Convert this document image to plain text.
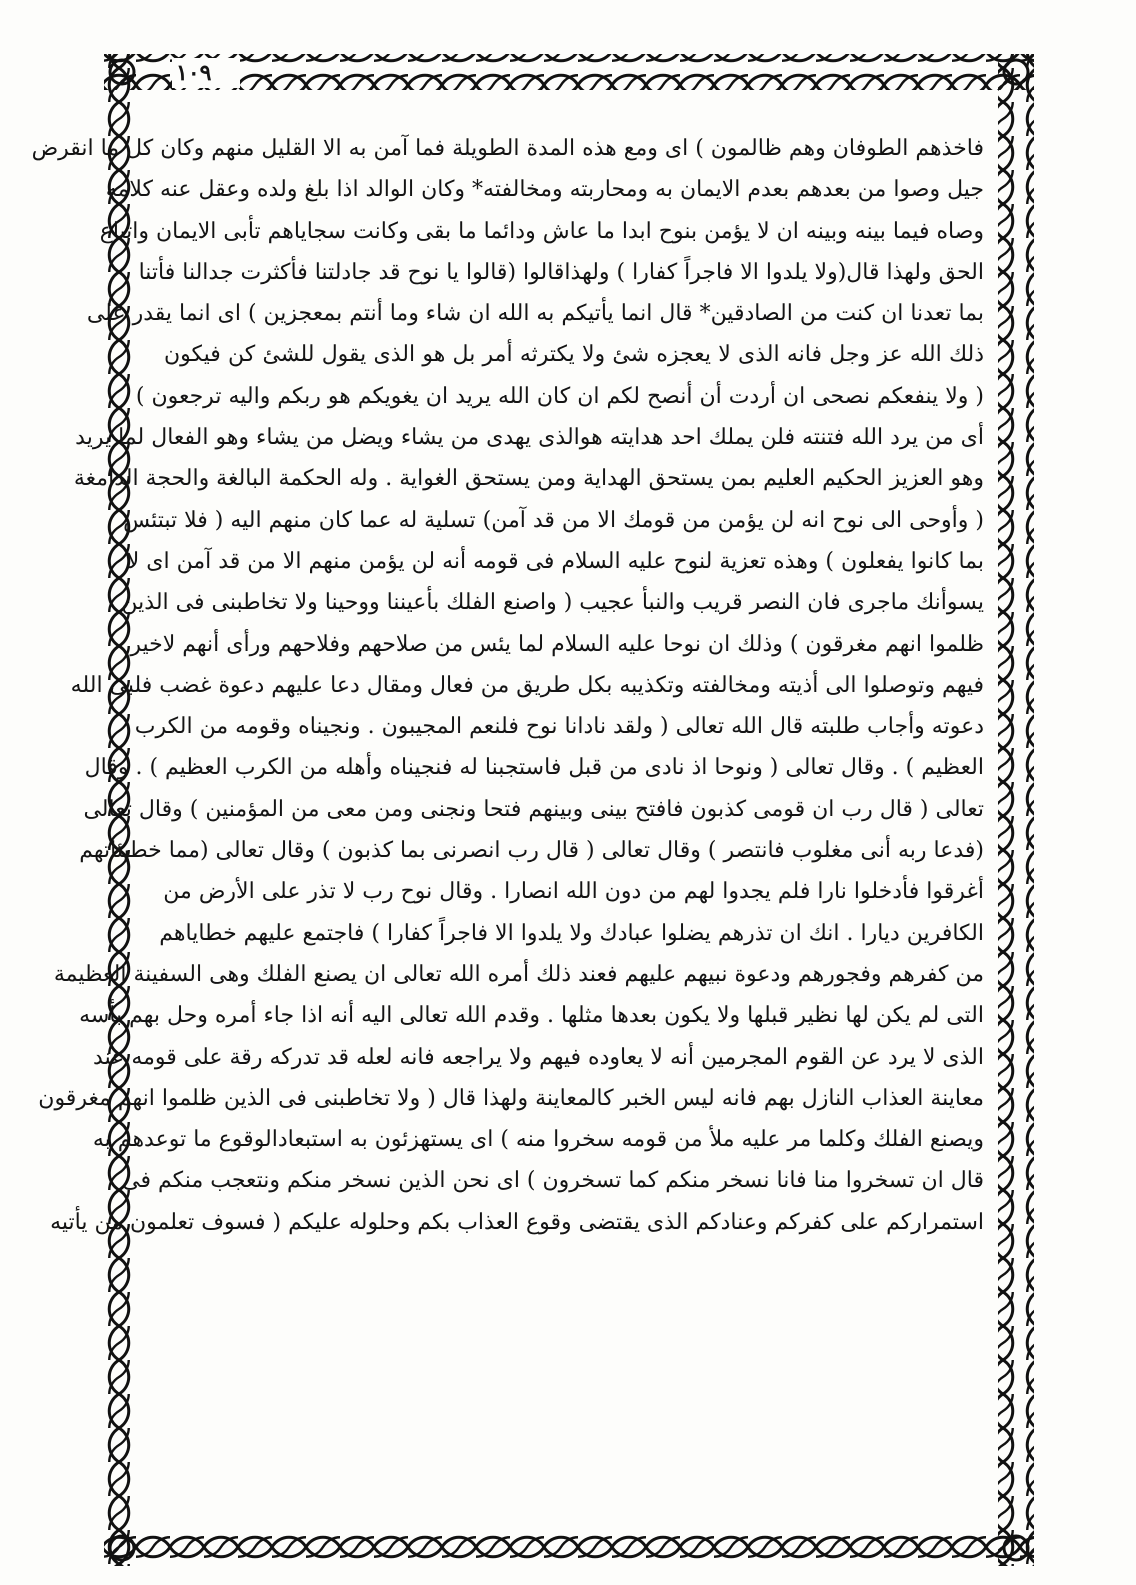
١٠٩
فاخذهم الطوفان وهم ظالمون ) اى ومع هذه المدة الطويلة فما آمن به الا القليل منهم وكان كل ما انقرض
جيل وصوا من بعدهم بعدم الايمان به ومحاربته ومخالفته* وكان الوالد اذا بلغ ولده وعقل عنه كلامه
وصاه فيما بينه وبينه ان لا يؤمن بنوح ابدا ما عاش ودائما ما بقى وكانت سجاياهم تأبى الايمان واتباع
الحق ولهذا قال(ولا يلدوا الا فاجراً كفارا ) ولهذاقالوا (قالوا يا نوح قد جادلتنا فأكثرت جدالنا فأتنا
بما تعدنا ان كنت من الصادقين* قال انما يأتيكم به الله ان شاء وما أنتم بمعجزين ) اى انما يقدر على
ذلك الله عز وجل فانه الذى لا يعجزه شئ ولا يكترثه أمر بل هو الذى يقول للشئ كن فيكون
( ولا ينفعكم نصحى ان أردت أن أنصح لكم ان كان الله يريد ان يغويكم هو ربكم واليه ترجعون )
أى من يرد الله فتنته فلن يملك احد هدايته هوالذى يهدى من يشاء ويضل من يشاء وهو الفعال لما يريد
وهو العزيز الحكيم العليم بمن يستحق الهداية ومن يستحق الغواية . وله الحكمة البالغة والحجة الدامغة
( وأوحى الى نوح انه لن يؤمن من قومك الا من قد آمن) تسلية له عما كان منهم اليه ( فلا تبتئس
بما كانوا يفعلون ) وهذه تعزية لنوح عليه السلام فى قومه أنه لن يؤمن منهم الا من قد آمن اى لا
يسوأنك ماجرى فان النصر قريب والنبأ عجيب ( واصنع الفلك بأعيننا ووحينا ولا تخاطبنى فى الذين
ظلموا انهم مغرقون ) وذلك ان نوحا عليه السلام لما يئس من صلاحهم وفلاحهم ورأى أنهم لاخير
فيهم وتوصلوا الى أذيته ومخالفته وتكذيبه بكل طريق من فعال ومقال دعا عليهم دعوة غضب فلبى الله
دعوته وأجاب طلبته قال الله تعالى ( ولقد نادانا نوح فلنعم المجيبون . ونجيناه وقومه من الكرب
العظيم ) . وقال تعالى ( ونوحا اذ نادى من قبل فاستجبنا له فنجيناه وأهله من الكرب العظيم ) . وقال
تعالى ( قال رب ان قومى كذبون فافتح بينى وبينهم فتحا ونجنى ومن معى من المؤمنين ) وقال تعالى
(فدعا ربه أنى مغلوب فانتصر ) وقال تعالى ( قال رب انصرنى بما كذبون ) وقال تعالى (مما خطيئاتهم
أغرقوا فأدخلوا نارا فلم يجدوا لهم من دون الله انصارا . وقال نوح رب لا تذر على الأرض من
الكافرين ديارا . انك ان تذرهم يضلوا عبادك ولا يلدوا الا فاجراً كفارا ) فاجتمع عليهم خطاياهم
من كفرهم وفجورهم ودعوة نبيهم عليهم فعند ذلك أمره الله تعالى ان يصنع الفلك وهى السفينة العظيمة
التى لم يكن لها نظير قبلها ولا يكون بعدها مثلها . وقدم الله تعالى اليه أنه اذا جاء أمره وحل بهم بأسه
الذى لا يرد عن القوم المجرمين أنه لا يعاوده فيهم ولا يراجعه فانه لعله قد تدركه رقة على قومه عند
معاينة العذاب النازل بهم فانه ليس الخبر كالمعاينة ولهذا قال ( ولا تخاطبنى فى الذين ظلموا انهم مغرقون
ويصنع الفلك وكلما مر عليه ملأ من قومه سخروا منه ) اى يستهزئون به استبعادالوقوع ما توعدهم به
قال ان تسخروا منا فانا نسخر منكم كما تسخرون ) اى نحن الذين نسخر منكم ونتعجب منكم فى
استمراركم على كفركم وعنادكم الذى يقتضى وقوع العذاب بكم وحلوله عليكم ( فسوف تعلمون من يأتيه
